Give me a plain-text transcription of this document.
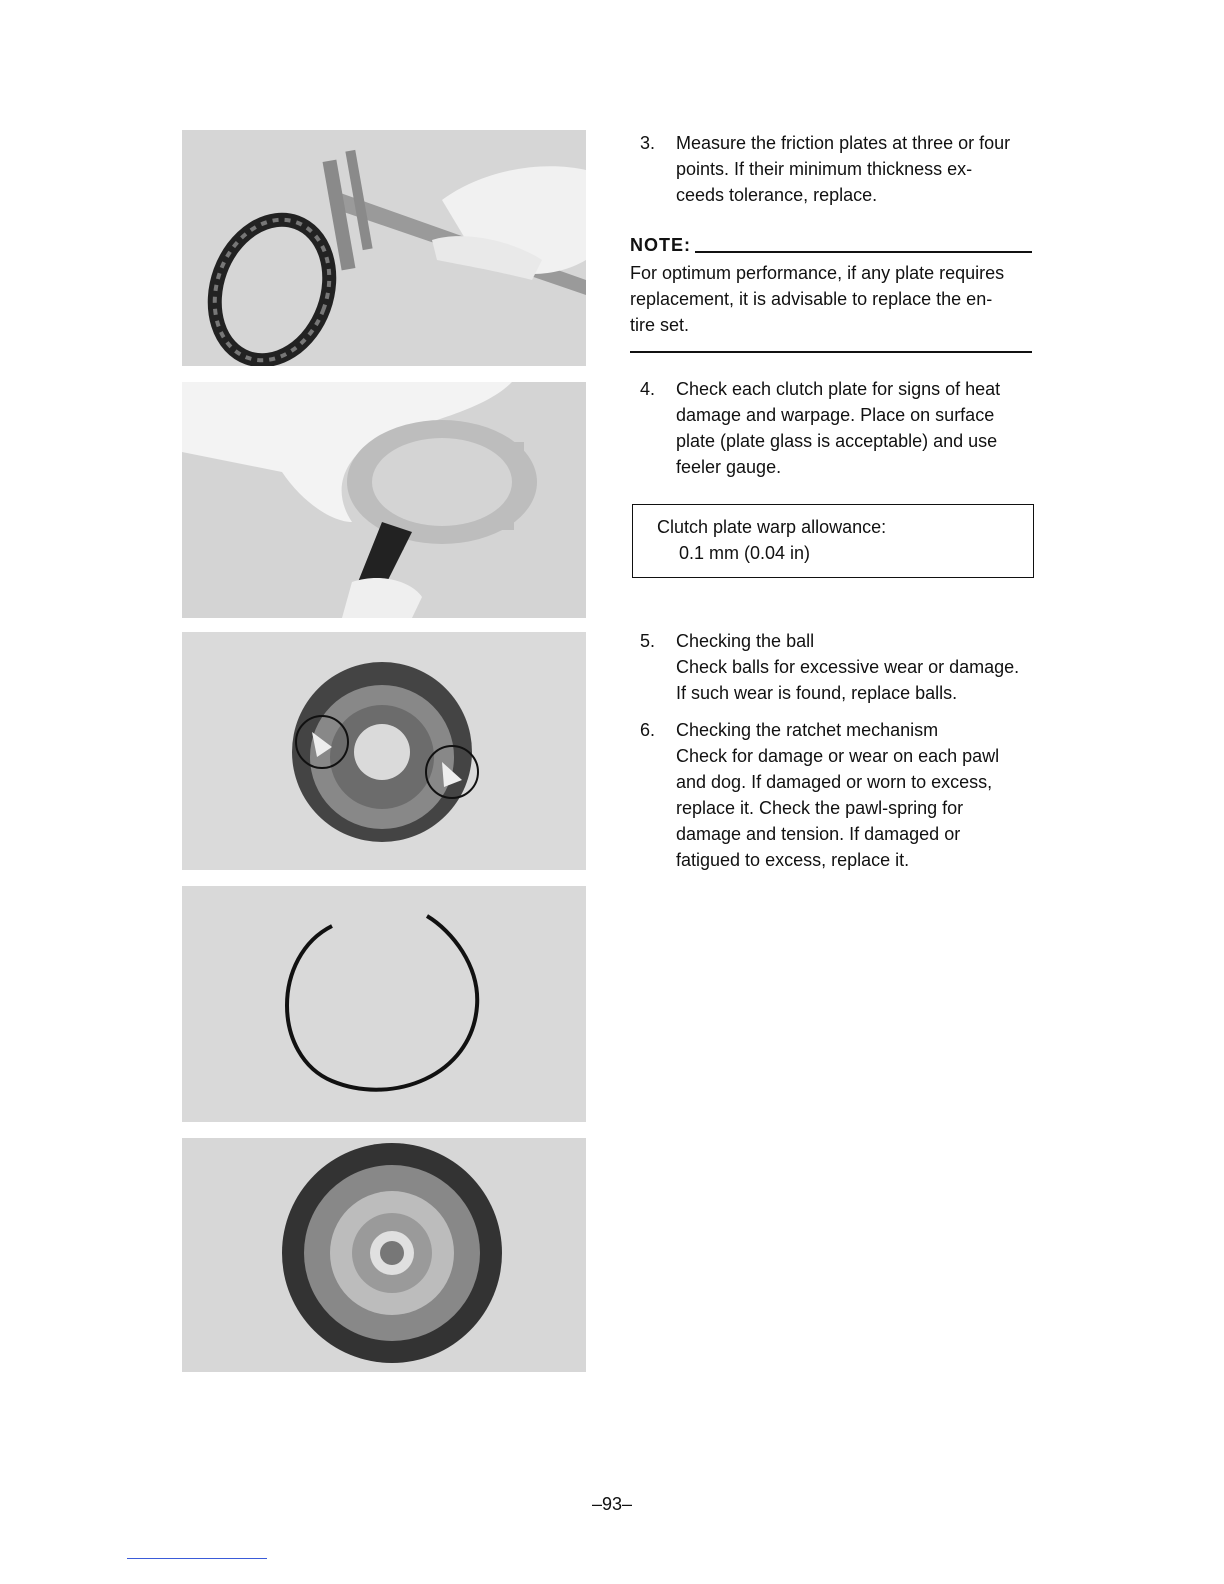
3. Measure the friction plates at three or four
points. If their minimum thickness ex-
ceeds tolerance, replace.
NOTE:
For optimum performance, if any plate requires
replacement, it is advisable to replace the en-
tire set.
4. Check each clutch plate for signs of heat
damage and warpage. Place on surface
plate (plate glass is acceptable) and use
feeler gauge.
Clutch plate warp allowance:
0.1 mm (0.04 in)
5. Checking the ball
Check balls for excessive wear or damage.
If such wear is found, replace balls.
6. Checking the ratchet mechanism
Check for damage or wear on each pawl
and dog. If damaged or worn to excess,
replace it. Check the pawl-spring for
damage and tension. If damaged or
fatigued to excess, replace it.
–93–
